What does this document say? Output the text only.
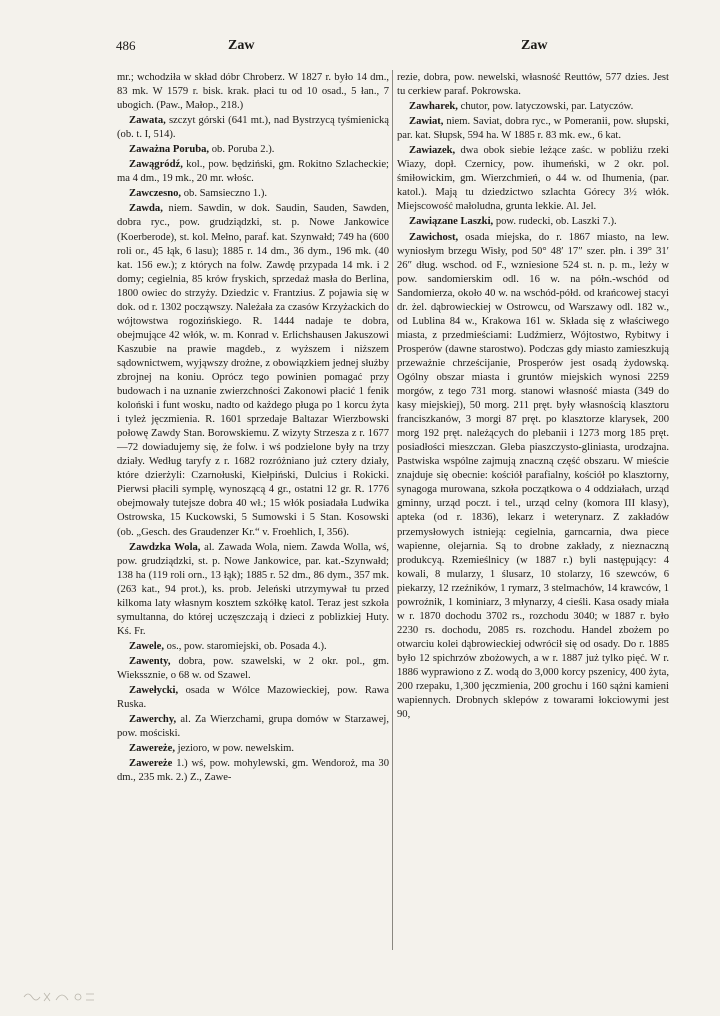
486	Zaw	Zaw

mr.; wchodziła w skład dóbr Chroberz. W 1827 r. było 14 dm., 83 mk. W 1579 r. bisk. krak. płaci tu od 10 osad., 5 łan., 7 ubogich. (Paw., Małop., 218.)

Zawata, szczyt górski (641 mt.), nad Bystrzycą tyśmienicką (ob. t. I, 514).

Zaważna Poruba, ob. Poruba 2.).

Zawągródź, kol., pow. będziński, gm. Rokitno Szlacheckie; ma 4 dm., 19 mk., 20 mr. włośc.

Zawczesno, ob. Samsieczno 1.).

Zawda, niem. Sawdin, w dok. Saudin, Sauden, Sawden, dobra ryc., pow. grudziądzki, st. p. Nowe Jankowice (Koerberode), st. kol. Mełno, paraf. kat. Szynwałd; 749 ha (600 roli or., 45 łąk, 6 lasu); 1885 r. 14 dm., 36 dym., 196 mk. (40 kat. 156 ew.); z których na folw. Zawdę przypada 14 mk. i 2 domy; cegielnia, 85 krów fryskich, sprzedaż masła do Berlina, 1800 owiec do strzyży. Dziedzic v. Frantzius. Z pojawia się w dok. od r. 1302 począwszy. Należała za czasów Krzyżackich do wójtowstwa rogozińskiego. R. 1444 nadaje te dobra, obejmujące 42 włók, w. m. Konrad v. Erlichshausen Jakuszowi Kaszubie na prawie magdeb., z wyższem i niższem sądownictwem, wyjąwszy drożne, z obowiązkiem jednej służby zbrojnej na koniu. Oprócz tego powinien pomagać przy budowach i na uznanie zwierzchności Zakonowi płacić 1 fenik koloński i funt wosku, nadto od każdego pługa po 1 korcu żyta i tyleż jęczmienia. R. 1601 sprzedaje Baltazar Wierzbowski połowę Zawdy Stan. Borowskiemu. Z wizyty Strzesza z r. 1677—72 dowiadujemy się, że folw. i wś podzielone były na trzy działy. Według taryfy z r. 1682 rozróżniano już cztery działy, które dzierżyli: Czarnołuski, Kiełpiński, Dulcius i Rokicki. Pierwsi płacili symplę, wynoszącą 4 gr., ostatni 12 gr. R. 1776 obejmowały tutejsze dobra 40 wł.; 15 włók posiadała Ludwika Ostrowska, 15 Kuckowski, 5 Sumowski i 5 Stan. Kosowski (ob. „Gesch. des Graudenzer Kr.“ v. Froehlich, I, 356).

Zawdzka Wola, al. Zawada Wola, niem. Zawda Wolla, wś, pow. grudziądzki, st. p. Nowe Jankowice, par. kat.-Szynwałd; 138 ha (119 roli orn., 13 łąk); 1885 r. 52 dm., 86 dym., 357 mk. (263 kat., 94 prot.), ks. prob. Jeleński utrzymywał tu przed kilkoma laty własnym kosztem szkółkę katol. Teraz jest szkoła symultanna, do której uczęszczają i dzieci z poblizkiej Huty. Kś. Fr.

Zawele, os., pow. staromiejski, ob. Posada 4.).

Zawenty, dobra, pow. szawelski, w 2 okr. pol., gm. Wiekssznie, o 68 w. od Szawel.

Zawełycki, osada w Wólce Mazowieckiej, pow. Rawa Ruska.

Zawerchy, al. Za Wierzchami, grupa domów w Starzawej, pow. mościski.

Zawereże, jezioro, w pow. newelskim.

Zawereże 1.) wś, pow. mohylewski, gm. Wendoroż, ma 30 dm., 235 mk. 2.) Z., Zawe-

rezie, dobra, pow. newelski, własność Reuttów, 577 dzies. Jest tu cerkiew paraf. Pokrowska.

Zawharek, chutor, pow. latyczowski, par. Latyczów.

Zawiat, niem. Saviat, dobra ryc., w Pomeranii, pow. słupski, par. kat. Słupsk, 594 ha. W 1885 r. 83 mk. ew., 6 kat.

Zawiazek, dwa obok siebie leżące zaśc. w pobliżu rzeki Wiazy, dopł. Czernicy, pow. ihumeński, w 2 okr. pol. śmiłowickim, gm. Wierzchmień, o 44 w. od Ihumenia, (par. katol.). Mają tu dziedzictwo szlachta Górecy 3½ włók. Miejscowość małoludna, grunta lekkie. Al. Jel.

Zawiązane Laszki, pow. rudecki, ob. Laszki 7.).

Zawichost, osada miejska, do r. 1867 miasto, na lew. wyniosłym brzegu Wisły, pod 50° 48′ 17″ szer. płn. i 39° 31′ 26″ dług. wschod. od F., wzniesione 524 st. n. p. m., leży w pow. sandomierskim odl. 16 w. na półn.-wschód od Sandomierza, około 40 w. na wschód-półd. od krańcowej stacyi dr. żel. dąbrowieckiej w Ostrowcu, od Warszawy odl. 182 w., od Lublina 84 w., Krakowa 161 w. Składa się z właściwego miasta, z przedmieściami: Ludźmierz, Wójtostwo, Rybitwy i Prosperów (dawne starostwo). Podczas gdy miasto zamieszkują przeważnie chrześcijanie, Prosperów jest osadą żydowską. Ogólny obszar miasta i gruntów miejskich wynosi 2259 morgów, z tego 731 morg. stanowi własność miasta (349 do kasy miejskiej), 50 morg. 211 pręt. były własnością klasztoru franciszkanów, 3 morgi 87 pręt. po klasztorze klarysek, 200 morg 192 pręt. należących do plebanii i 1273 morg 185 pręt. posiadłości mieszczan. Gleba piaszczysto-gliniasta, urodzajna. Pastwiska wspólne zajmują znaczną część obszaru. W mieście znajduje się obecnie: kościół parafialny, kościół po klasztorny, synagoga murowana, szkoła początkowa o 4 oddziałach, urząd gminny, urząd poczt. i tel., urząd celny (komora III klasy), apteka (od r. 1836), lekarz i weterynarz. Z zakładów przemysłowych istnieją: cegielnia, garncarnia, dwa piece wapienne, olejarnia. Są to drobne zakłady, z nieznaczną produkcyą. Rzemieślnicy (w 1887 r.) byli następujący: 4 kowali, 8 mularzy, 1 ślusarz, 10 stolarzy, 16 szewców, 6 piekarzy, 12 rzeźników, 1 rymarz, 3 stelmachów, 14 krawców, 1 powroźnik, 1 kominiarz, 3 młynarzy, 4 cieśli. Kasa osady miała w r. 1870 dochodu 3702 rs., rozchodu 3040; w 1887 r. było 2230 rs. dochodu, 2085 rs. rozchodu. Handel zbożem po otwarciu kolei dąbrowieckiej odwrócił się od osady. Do r. 1885 było 12 spichrzów zbożowych, a w r. 1887 już tylko pięć. W r. 1886 wyprawiono z Z. wodą do 3,000 korcy pszenicy, 400 żyta, 200 rzepaku, 1,300 jęczmienia, 200 grochu i 160 sążni kamieni wapiennych. Drobnych sklepów z towarami łokciowymi jest 90,
